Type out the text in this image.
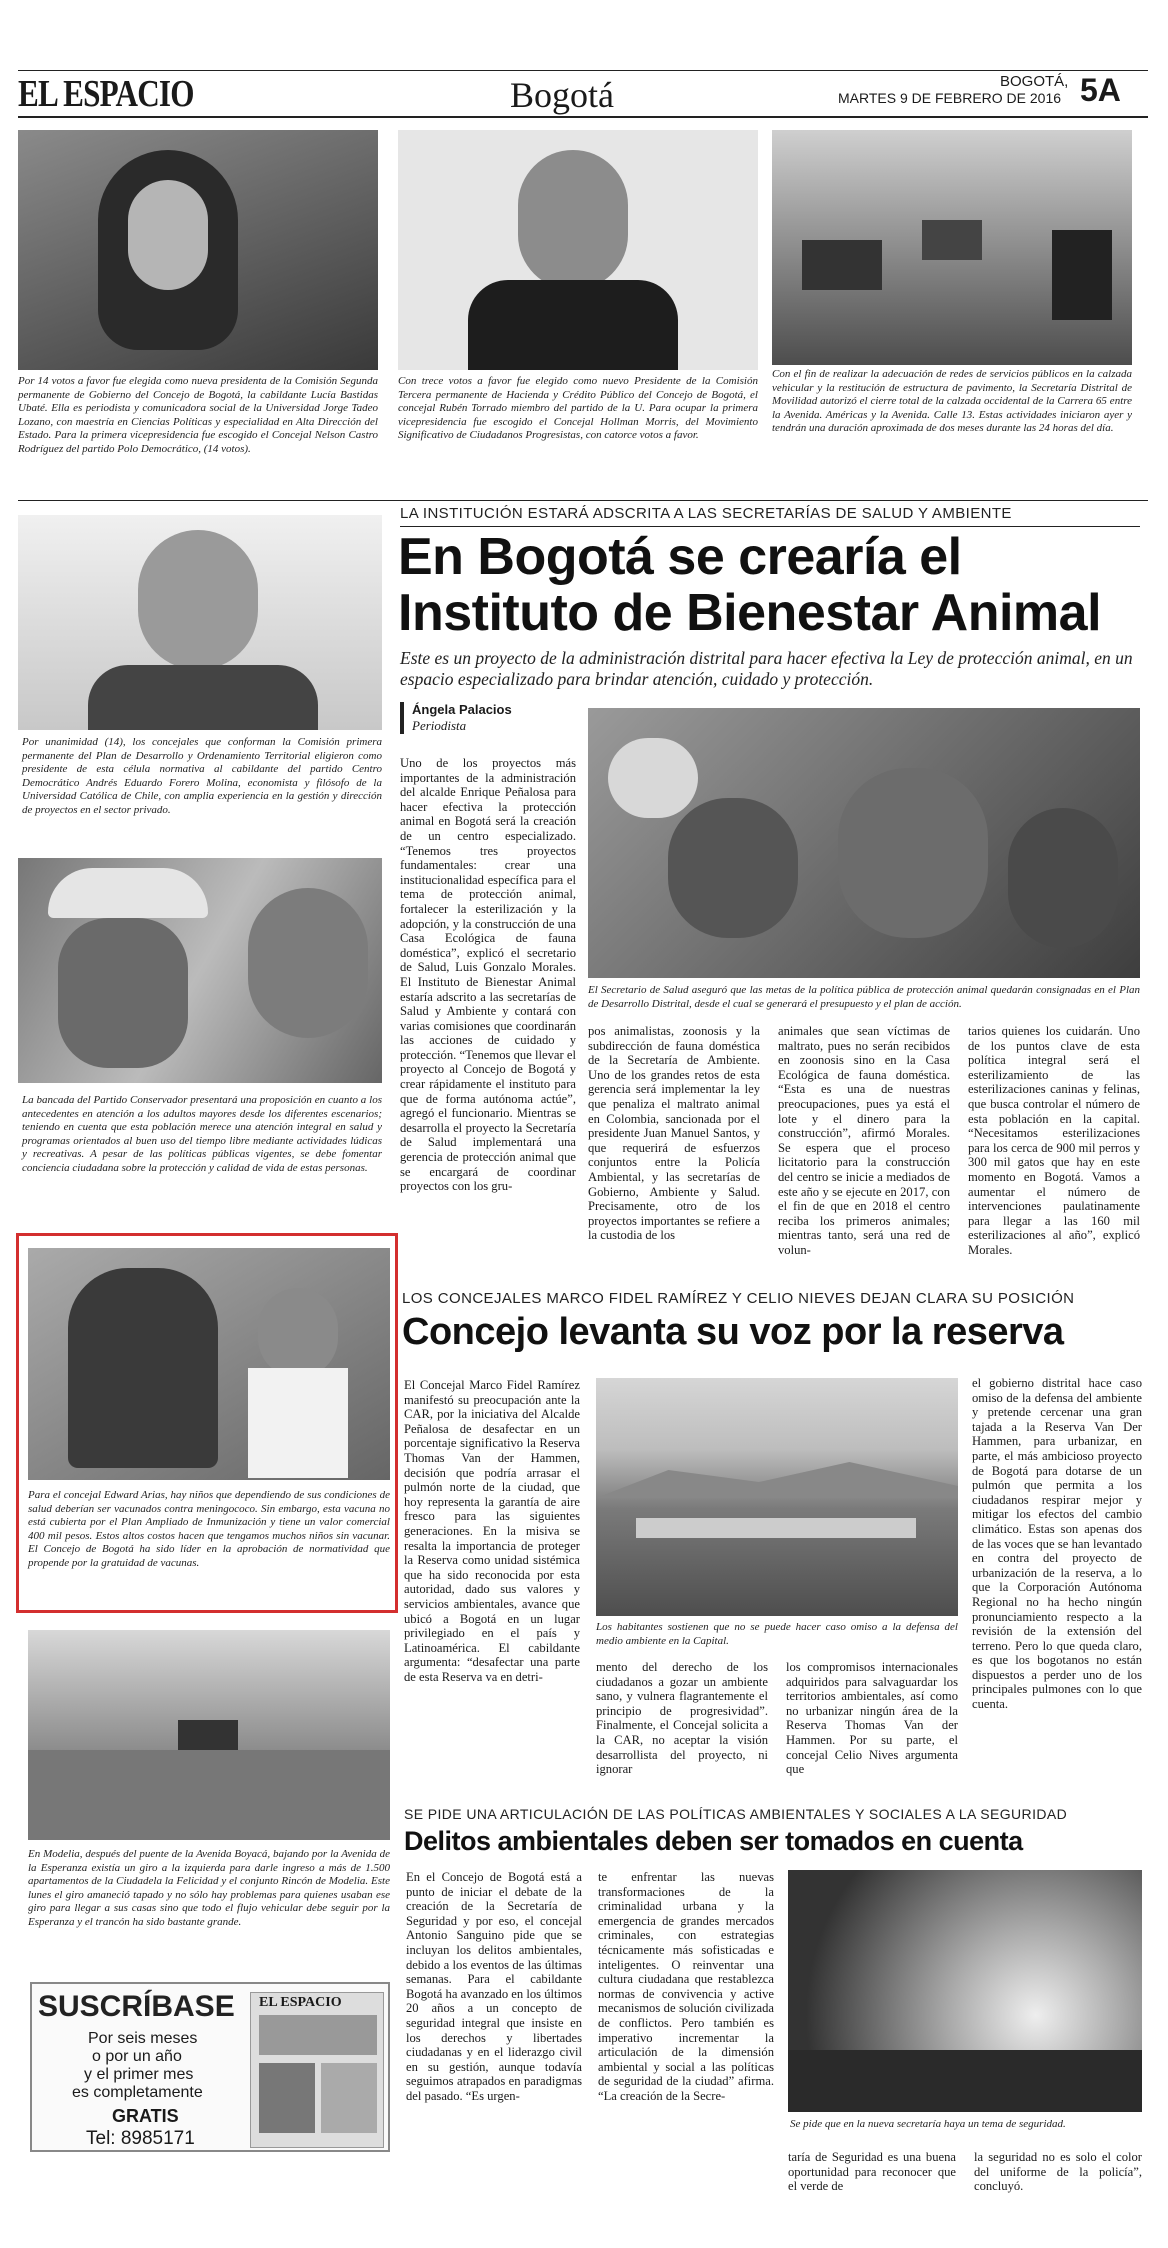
EL ESPACIO	Bogotá	BOGOTÁ,
MARTES 9 DE FEBRERO DE 2016 5A
Por 14 votos a favor fue elegida como nueva presidenta de la Comisión Segunda permanente de Gobierno del Concejo de Bogotá, la cabildante Lucía Bastidas Ubaté. Ella es periodista y comunicadora social de la Universidad Jorge Tadeo Lozano, con maestría en Ciencias Políticas y especialidad en Alta Dirección del Estado. Para la primera vicepresidencia fue escogido el Concejal Nelson Castro Rodríguez del partido Polo Democrático, (14 votos).
Con trece votos a favor fue elegido como nuevo Presidente de la Comisión Tercera permanente de Hacienda y Crédito Público del Concejo de Bogotá, el concejal Rubén Torrado miembro del partido de la U. Para ocupar la primera vicepresidencia fue escogido el Concejal Hollman Morris, del Movimiento Significativo de Ciudadanos Progresistas, con catorce votos a favor.
Con el fin de realizar la adecuación de redes de servicios públicos en la calzada vehicular y la restitución de estructura de pavimento, la Secretaría Distrital de Movilidad autorizó el cierre total de la calzada occidental de la Carrera 65 entre la Avenida. Américas y la Avenida. Calle 13. Estas actividades iniciaron ayer y tendrán una duración aproximada de dos meses durante las 24 horas del día.
Por unanimidad (14), los concejales que conforman la Comisión primera permanente del Plan de Desarrollo y Ordenamiento Territorial eligieron como presidente de esta célula normativa al cabildante del partido Centro Democrático Andrés Eduardo Forero Molina, economista y filósofo de la Universidad Católica de Chile, con amplia experiencia en la gestión y dirección de proyectos en el sector privado.
La bancada del Partido Conservador presentará una proposición en cuanto a los antecedentes en atención a los adultos mayores desde los diferentes escenarios; teniendo en cuenta que esta población merece una atención integral en salud y programas orientados al buen uso del tiempo libre mediante actividades lúdicas y recreativas. A pesar de las políticas públicas vigentes, se debe fomentar conciencia ciudadana sobre la protección y calidad de vida de estas personas.
Para el concejal Edward Arias, hay niños que dependiendo de sus condiciones de salud deberían ser vacunados contra meningococo. Sin embargo, esta vacuna no está cubierta por el Plan Ampliado de Inmunización y tiene un valor comercial 400 mil pesos. Estos altos costos hacen que tengamos muchos niños sin vacunar. El Concejo de Bogotá ha sido líder en la aprobación de normatividad que propende por la gratuidad de vacunas.
En Modelia, después del puente de la Avenida Boyacá, bajando por la Avenida de la Esperanza existía un giro a la izquierda para darle ingreso a más de 1.500 apartamentos de la Ciudadela la Felicidad y el conjunto Rincón de Modelia. Este lunes el giro amaneció tapado y no sólo hay problemas para quienes usaban ese giro para llegar a sus casas sino que todo el flujo vehicular debe seguir por la Esperanza y el trancón ha sido bastante grande.
SUSCRÍBASE
Por seis meses
o por un año
y el primer mes
es completamente
GRATIS
Tel: 8985171
EL ESPACIO
LA INSTITUCIÓN ESTARÁ ADSCRITA A LAS SECRETARÍAS DE SALUD Y AMBIENTE
En Bogotá se crearía el
Instituto de Bienestar Animal
Este es un proyecto de la administración distrital para hacer efectiva la Ley de protección animal, en un espacio especializado para brindar atención, cuidado y protección.
Ángela Palacios
Periodista
Uno de los proyectos más importantes de la administración del alcalde Enrique Peñalosa para hacer efectiva la protección animal en Bogotá será la creación de un centro especializado. “Tenemos tres proyectos fundamentales: crear una institucionalidad específica para el tema de protección animal, fortalecer la esterilización y la adopción, y la construcción de una Casa Ecológica de fauna doméstica”, explicó el secretario de Salud, Luis Gonzalo Morales. El Instituto de Bienestar Animal estaría adscrito a las secretarías de Salud y Ambiente y contará con varias comisiones que coordinarán las acciones de cuidado y protección. “Tenemos que llevar el proyecto al Concejo de Bogotá y crear rápidamente el instituto para que de forma autónoma actúe”, agregó el funcionario. Mientras se desarrolla el proyecto la Secretaría de Salud implementará una gerencia de protección animal que se encargará de coordinar proyectos con los gru-
El Secretario de Salud aseguró que las metas de la política pública de protección animal quedarán consignadas en el Plan de Desarrollo Distrital, desde el cual se generará el presupuesto y el plan de acción.
pos animalistas, zoonosis y la subdirección de fauna doméstica de la Secretaría de Ambiente. Uno de los grandes retos de esta gerencia será implementar la ley que penaliza el maltrato animal en Colombia, sancionada por el presidente Juan Manuel Santos, y que requerirá de esfuerzos conjuntos entre la Policía Ambiental, y las secretarías de Gobierno, Ambiente y Salud. Precisamente, otro de los proyectos importantes se refiere a la custodia de los
animales que sean víctimas de maltrato, pues no serán recibidos en zoonosis sino en la Casa Ecológica de fauna doméstica. “Esta es una de nuestras preocupaciones, pues ya está el lote y el dinero para la construcción”, afirmó Morales. Se espera que el proceso licitatorio para la construcción del centro se inicie a mediados de este año y se ejecute en 2017, con el fin de que en 2018 el centro reciba los primeros animales; mientras tanto, será una red de volun-
tarios quienes los cuidarán. Uno de los puntos clave de esta política integral será el esterilizamiento de las esterilizaciones caninas y felinas, que busca controlar el número de esta población en la capital. “Necesitamos esterilizaciones para los cerca de 900 mil perros y 300 mil gatos que hay en este momento en Bogotá. Vamos a aumentar el número de intervenciones paulatinamente para llegar a las 160 mil esterilizaciones al año”, explicó Morales.
LOS CONCEJALES MARCO FIDEL RAMÍREZ Y CELIO NIEVES DEJAN CLARA SU POSICIÓN
Concejo levanta su voz por la reserva
El Concejal Marco Fidel Ramírez manifestó su preocupación ante la CAR, por la iniciativa del Alcalde Peñalosa de desafectar en un porcentaje significativo la Reserva Thomas Van der Hammen, decisión que podría arrasar el pulmón norte de la ciudad, que hoy representa la garantía de aire fresco para las siguientes generaciones. En la misiva se resalta la importancia de proteger la Reserva como unidad sistémica que ha sido reconocida por esta autoridad, dado sus valores y servicios ambientales, avance que ubicó a Bogotá en un lugar privilegiado en el país y Latinoamérica. El cabildante argumenta: “desafectar una parte de esta Reserva va en detri-
Los habitantes sostienen que no se puede hacer caso omiso a la defensa del medio ambiente en la Capital.
mento del derecho de los ciudadanos a gozar un ambiente sano, y vulnera flagrantemente el principio de progresividad”. Finalmente, el Concejal solicita a la CAR, no aceptar la visión desarrollista del proyecto, ni ignorar
los compromisos internacionales adquiridos para salvaguardar los territorios ambientales, así como no urbanizar ningún área de la Reserva Thomas Van der Hammen. Por su parte, el concejal Celio Nives argumenta que
el gobierno distrital hace caso omiso de la defensa del ambiente y pretende cercenar una gran tajada a la Reserva Van Der Hammen, para urbanizar, en parte, el más ambicioso proyecto de Bogotá para dotarse de un pulmón que permita a los ciudadanos respirar mejor y mitigar los efectos del cambio climático. Estas son apenas dos de las voces que se han levantado en contra del proyecto de urbanización de la reserva, a lo que la Corporación Autónoma Regional no ha hecho ningún pronunciamiento respecto a la revisión de la extensión del terreno. Pero lo que queda claro, es que los bogotanos no están dispuestos a perder uno de los principales pulmones con lo que cuenta.
SE PIDE UNA ARTICULACIÓN DE LAS POLÍTICAS AMBIENTALES Y SOCIALES A LA SEGURIDAD
Delitos ambientales deben ser tomados en cuenta
En el Concejo de Bogotá está a punto de iniciar el debate de la creación de la Secretaría de Seguridad y por eso, el concejal Antonio Sanguino pide que se incluyan los delitos ambientales, debido a los eventos de las últimas semanas. Para el cabildante Bogotá ha avanzado en los últimos 20 años a un concepto de seguridad integral que insiste en los derechos y libertades ciudadanas y en el liderazgo civil en su gestión, aunque todavía seguimos atrapados en paradigmas del pasado. “Es urgen-
te enfrentar las nuevas transformaciones de la criminalidad urbana y la emergencia de grandes mercados criminales, con estrategias técnicamente más sofisticadas e inteligentes. O reinventar una cultura ciudadana que restablezca normas de convivencia y active mecanismos de solución civilizada de conflictos. Pero también es imperativo incrementar la articulación de la dimensión ambiental y social a las políticas de seguridad de la ciudad” afirma. “La creación de la Secre-
Se pide que en la nueva secretaría haya un tema de seguridad.
taría de Seguridad es una buena oportunidad para reconocer que el verde de
la seguridad no es solo el color del uniforme de la policía”, concluyó.
